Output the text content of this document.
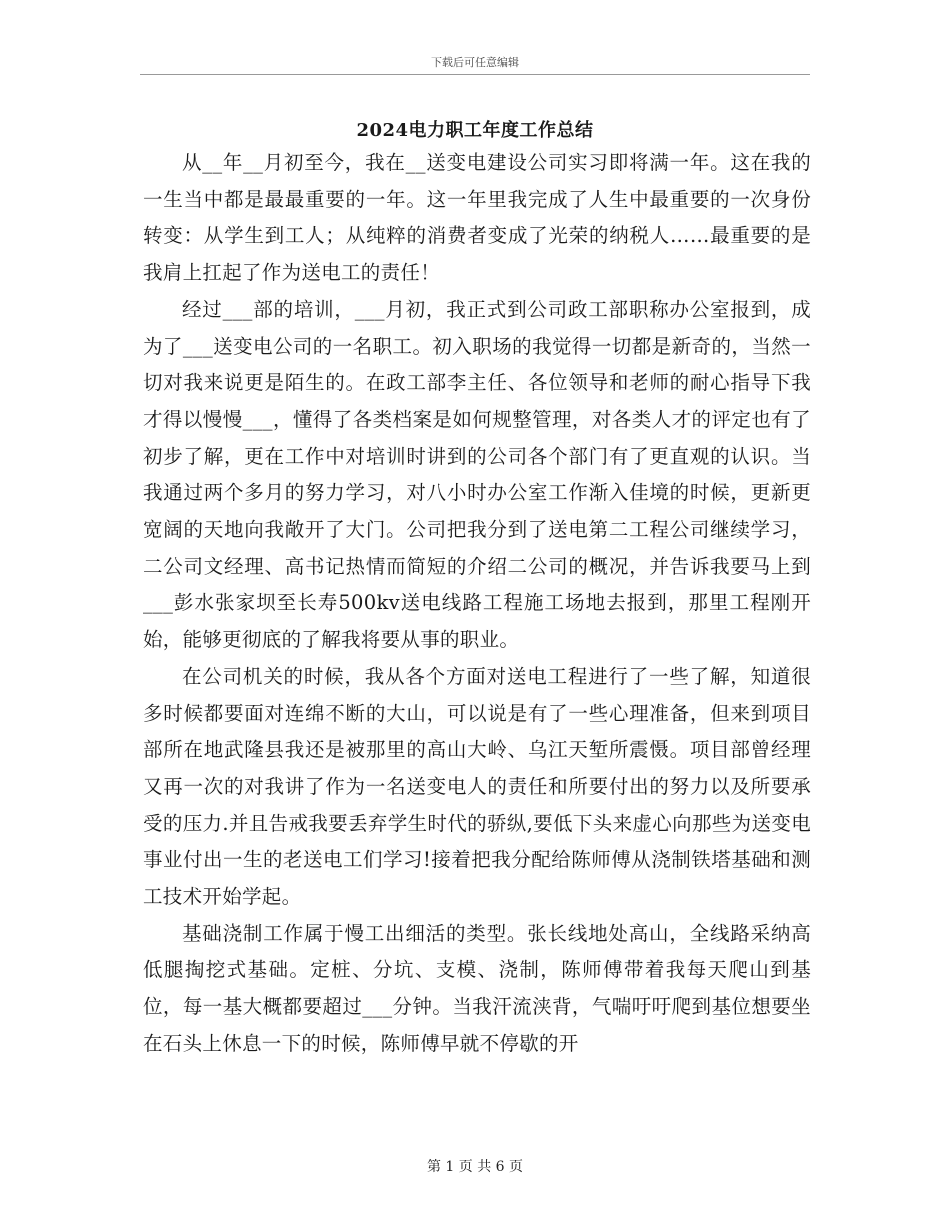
下载后可任意编辑
2024电力职工年度工作总结

从__年__月初至今，我在__送变电建设公司实习即将满一年。这在我的一生当中都是最最重要的一年。这一年里我完成了人生中最重要的一次身份转变：从学生到工人；从纯粹的消费者变成了光荣的纳税人……最重要的是我肩上扛起了作为送电工的责任！

经过___部的培训，___月初，我正式到公司政工部职称办公室报到，成为了___送变电公司的一名职工。初入职场的我觉得一切都是新奇的，当然一切对我来说更是陌生的。在政工部李主任、各位领导和老师的耐心指导下我才得以慢慢___，懂得了各类档案是如何规整管理，对各类人才的评定也有了初步了解，更在工作中对培训时讲到的公司各个部门有了更直观的认识。当我通过两个多月的努力学习，对八小时办公室工作渐入佳境的时候，更新更宽阔的天地向我敞开了大门。公司把我分到了送电第二工程公司继续学习，二公司文经理、高书记热情而简短的介绍二公司的概况，并告诉我要马上到___彭水张家坝至长寿500kv送电线路工程施工场地去报到，那里工程刚开始，能够更彻底的了解我将要从事的职业。

在公司机关的时候，我从各个方面对送电工程进行了一些了解，知道很多时候都要面对连绵不断的大山，可以说是有了一些心理准备，但来到项目部所在地武隆县我还是被那里的高山大岭、乌江天堑所震慑。项目部曾经理又再一次的对我讲了作为一名送变电人的责任和所要付出的努力以及所要承受的压力.并且告戒我要丢弃学生时代的骄纵,要低下头来虚心向那些为送变电事业付出一生的老送电工们学习!接着把我分配给陈师傅从浇制铁塔基础和测工技术开始学起。

基础浇制工作属于慢工出细活的类型。张长线地处高山，全线路采纳高低腿掏挖式基础。定桩、分坑、支模、浇制，陈师傅带着我每天爬山到基位，每一基大概都要超过___分钟。当我汗流浃背，气喘吁吁爬到基位想要坐在石头上休息一下的时候，陈师傅早就不停歇的开

第 1 页 共 6 页
